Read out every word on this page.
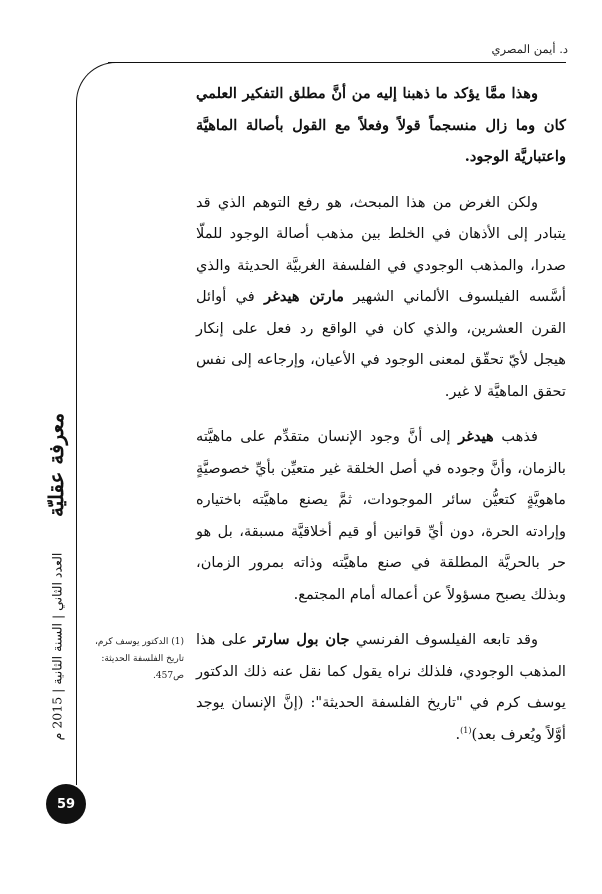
د. أيمن المصري

وهذا ممَّا يؤكد ما ذهبنا إليه من أنَّ مطلق التفكير العلمي كان وما زال منسجماً قولاً وفعلاً مع القول بأصالة الماهيَّة واعتباريَّة الوجود.

ولكن الغرض من هذا المبحث، هو رفع التوهم الذي قد يتبادر إلى الأذهان في الخلط بين مذهب أصالة الوجود للملّا صدرا، والمذهب الوجودي في الفلسفة الغربيَّة الحديثة والذي أسَّسه الفيلسوف الألماني الشهير مارتن هيدغر في أوائل القرن العشرين، والذي كان في الواقع رد فعل على إنكار هيجل لأيّ تحقّق لمعنى الوجود في الأعيان، وإرجاعه إلى نفس تحقق الماهيَّة لا غير.

فذهب هيدغر إلى أنَّ وجود الإنسان متقدِّم على ماهيَّته بالزمان، وأنَّ وجوده في أصل الخلقة غير متعيِّن بأيِّ خصوصيَّةٍ ماهويَّةٍ كتعيُّن سائر الموجودات، ثمَّ يصنع ماهيَّته باختياره وإرادته الحرة، دون أيِّ قوانين أو قيم أخلاقيَّة مسبقة، بل هو حر بالحريَّة المطلقة في صنع ماهيَّته وذاته بمرور الزمان، وبذلك يصبح مسؤولاً عن أعماله أمام المجتمع.

وقد تابعه الفيلسوف الفرنسي جان بول سارتر على هذا المذهب الوجودي، فلذلك نراه يقول كما نقل عنه ذلك الدكتور يوسف كرم في "تاريخ الفلسفة الحديثة": (إنَّ الإنسان يوجد أوَّلاً ويُعرف بعد)$^{(1)}$.

(1) الدكتور يوسف كرم، تاريخ الفلسفة الحديثة: ص457.
معرفة عقليّة
العدد الثاني | السنة الثانية | 2015 م
59
